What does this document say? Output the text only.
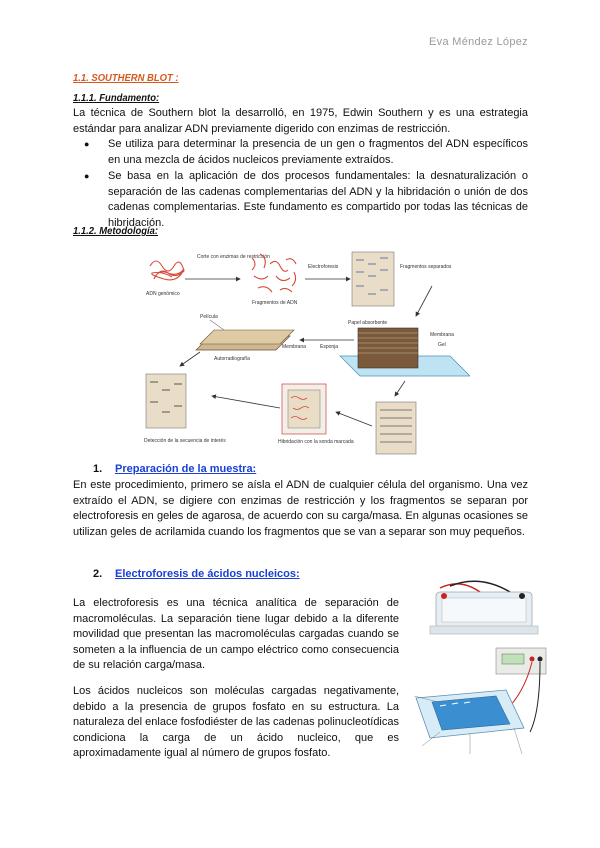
Eva Méndez López
1.1. SOUTHERN BLOT :
1.1.1. Fundamento:
La técnica de Southern blot la desarrolló, en 1975, Edwin Southern y es una estrategia estándar para analizar ADN previamente digerido con enzimas de restricción.
● Se utiliza para determinar la presencia de un gen o fragmentos del ADN específicos en una mezcla de ácidos nucleicos previamente extraídos.
● Se basa en la aplicación de dos procesos fundamentales: la desnaturalización o separación de las cadenas complementarias del ADN y la hibridación o unión de dos cadenas complementarias. Este fundamento es compartido por todas las técnicas de hibridación.
1.1.2. Metodología:
ADN genómico
Corte con enzimas de restricción
Fragmentos de ADN
Electroforesis	Fragmentos separados
Papel absorbente
Membrana
Gel
Esponja
Hibridación con la sonda marcada
Detección de la secuencia de interés
Película
Membrana
Autorradiografía
1. Preparación de la muestra:
En este procedimiento, primero se aísla el ADN de cualquier célula del organismo. Una vez extraído el ADN, se digiere con enzimas de restricción y los fragmentos se separan por electroforesis en geles de agarosa, de acuerdo con su carga/masa. En algunas ocasiones se utilizan geles de acrilamida cuando los fragmentos que se van a separar son muy pequeños.
2. Electroforesis de ácidos nucleicos:
La electroforesis es una técnica analítica de separación de macromoléculas. La separación tiene lugar debido a la diferente movilidad que presentan las macromoléculas cargadas cuando se someten a la influencia de un campo eléctrico como consecuencia de su relación carga/masa.
Los ácidos nucleicos son moléculas cargadas negativamente, debido a la presencia de grupos fosfato en su estructura. La naturaleza del enlace fosfodiéster de las cadenas polinucleotídicas condiciona la carga de un ácido nucleico, que es aproximadamente igual al número de grupos fosfato.
